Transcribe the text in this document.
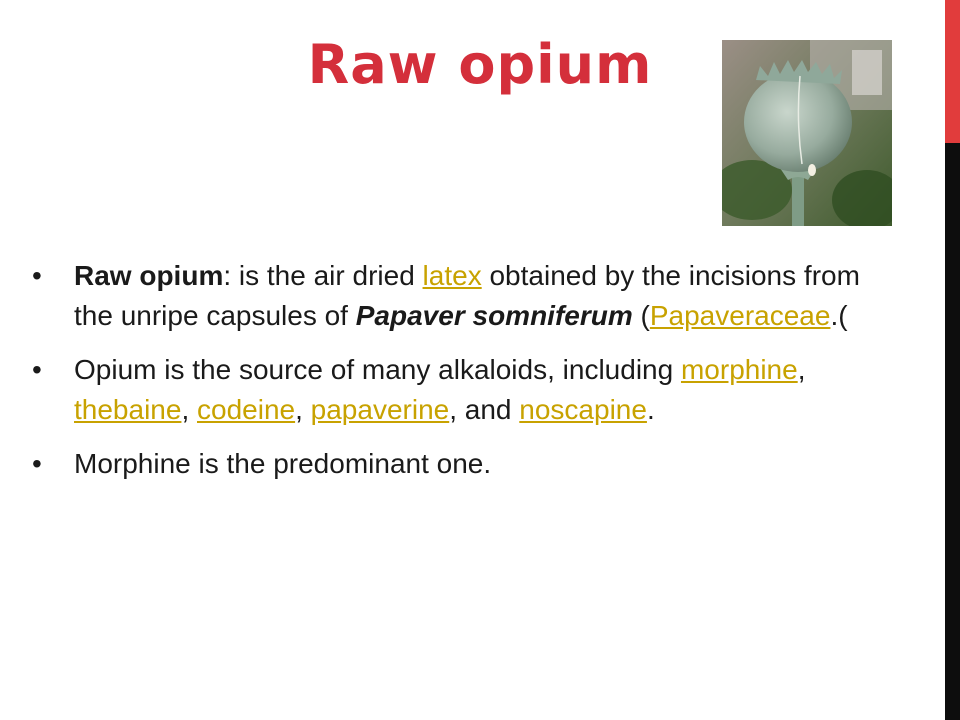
Raw opium
• Raw opium: is the air dried latex obtained by the incisions from the unripe capsules of Papaver somniferum (Papaveraceae.(
• Opium is the source of many alkaloids, including morphine, thebaine, codeine, papaverine, and noscapine.
• Morphine is the predominant one.
